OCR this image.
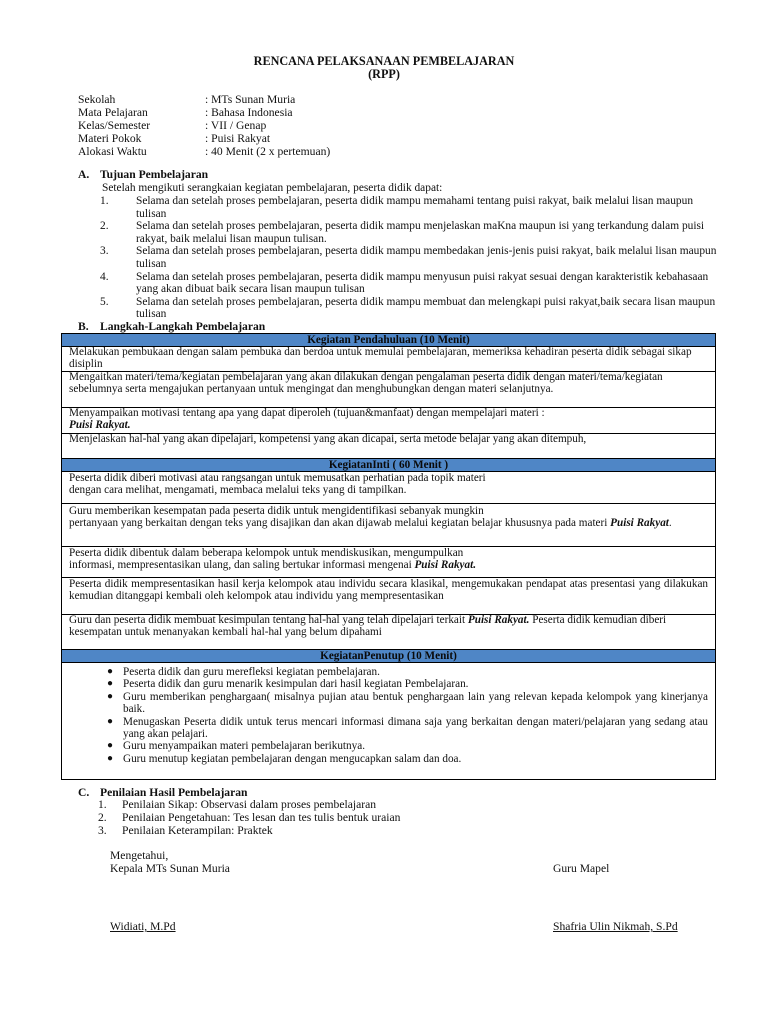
RENCANA PELAKSANAAN PEMBELAJARAN
(RPP)
Sekolah	: MTs Sunan Muria
Mata Pelajaran	: Bahasa Indonesia
Kelas/Semester	: VII / Genap
Materi Pokok	: Puisi Rakyat
Alokasi Waktu	: 40 Menit (2 x pertemuan)
A. Tujuan Pembelajaran
Setelah mengikuti serangkaian kegiatan pembelajaran, peserta didik dapat:
1. Selama dan setelah proses pembelajaran, peserta didik mampu memahami tentang puisi rakyat, baik melalui lisan maupun tulisan
2. Selama dan setelah proses pembelajaran, peserta didik mampu menjelaskan maKna maupun isi yang terkandung dalam puisi rakyat, baik melalui lisan maupun tulisan.
3. Selama dan setelah proses pembelajaran, peserta didik mampu membedakan jenis-jenis puisi rakyat, baik melalui lisan maupun tulisan
4. Selama dan setelah proses pembelajaran, peserta didik mampu menyusun puisi rakyat sesuai dengan karakteristik kebahasaan yang akan dibuat baik secara lisan maupun tulisan
5. Selama dan setelah proses pembelajaran, peserta didik mampu membuat dan melengkapi puisi rakyat,baik secara lisan maupun tulisan
B. Langkah-Langkah Pembelajaran
Kegiatan Pendahuluan (10 Menit)
Melakukan pembukaan dengan salam pembuka dan berdoa untuk memulai pembelajaran, memeriksa kehadiran peserta didik sebagai sikap disiplin
Mengaitkan materi/tema/kegiatan pembelajaran yang akan dilakukan dengan pengalaman peserta didik dengan materi/tema/kegiatan sebelumnya serta mengajukan pertanyaan untuk mengingat dan menghubungkan dengan materi selanjutnya.
Menyampaikan motivasi tentang apa yang dapat diperoleh (tujuan&manfaat) dengan mempelajari materi :
Puisi Rakyat.
Menjelaskan hal-hal yang akan dipelajari, kompetensi yang akan dicapai, serta metode belajar yang akan ditempuh,
KegiatanInti ( 60 Menit )
Peserta didik diberi motivasi atau rangsangan untuk memusatkan perhatian pada topik materi
dengan cara melihat, mengamati, membaca melalui teks yang di tampilkan.
Guru memberikan kesempatan pada peserta didik untuk mengidentifikasi sebanyak mungkin
pertanyaan yang berkaitan dengan teks yang disajikan dan akan dijawab melalui kegiatan belajar khususnya pada materi Puisi Rakyat.
Peserta didik dibentuk dalam beberapa kelompok untuk mendiskusikan, mengumpulkan
informasi, mempresentasikan ulang, dan saling bertukar informasi mengenai Puisi Rakyat.
Peserta didik mempresentasikan hasil kerja kelompok atau individu secara klasikal, mengemukakan pendapat atas presentasi yang dilakukan kemudian ditanggapi kembali oleh kelompok atau individu yang mempresentasikan
Guru dan peserta didik membuat kesimpulan tentang hal-hal yang telah dipelajari terkait Puisi Rakyat. Peserta didik kemudian diberi kesempatan untuk menanyakan kembali hal-hal yang belum dipahami
KegiatanPenutup (10 Menit)
● Peserta didik dan guru merefleksi kegiatan pembelajaran.
● Peserta didik dan guru menarik kesimpulan dari hasil kegiatan Pembelajaran.
● Guru memberikan penghargaan( misalnya pujian atau bentuk penghargaan lain yang relevan kepada kelompok yang kinerjanya baik.
● Menugaskan Peserta didik untuk terus mencari informasi dimana saja yang berkaitan dengan materi/pelajaran yang sedang atau yang akan pelajari.
● Guru menyampaikan materi pembelajaran berikutnya.
● Guru menutup kegiatan pembelajaran dengan mengucapkan salam dan doa.
C. Penilaian Hasil Pembelajaran
1. Penilaian Sikap: Observasi dalam proses pembelajaran
2. Penilaian Pengetahuan: Tes lesan dan tes tulis bentuk uraian
3. Penilaian Keterampilan: Praktek
Mengetahui,
Kepala MTs Sunan Muria	Guru Mapel
Widiati, M.Pd	Shafria Ulin Nikmah, S.Pd
